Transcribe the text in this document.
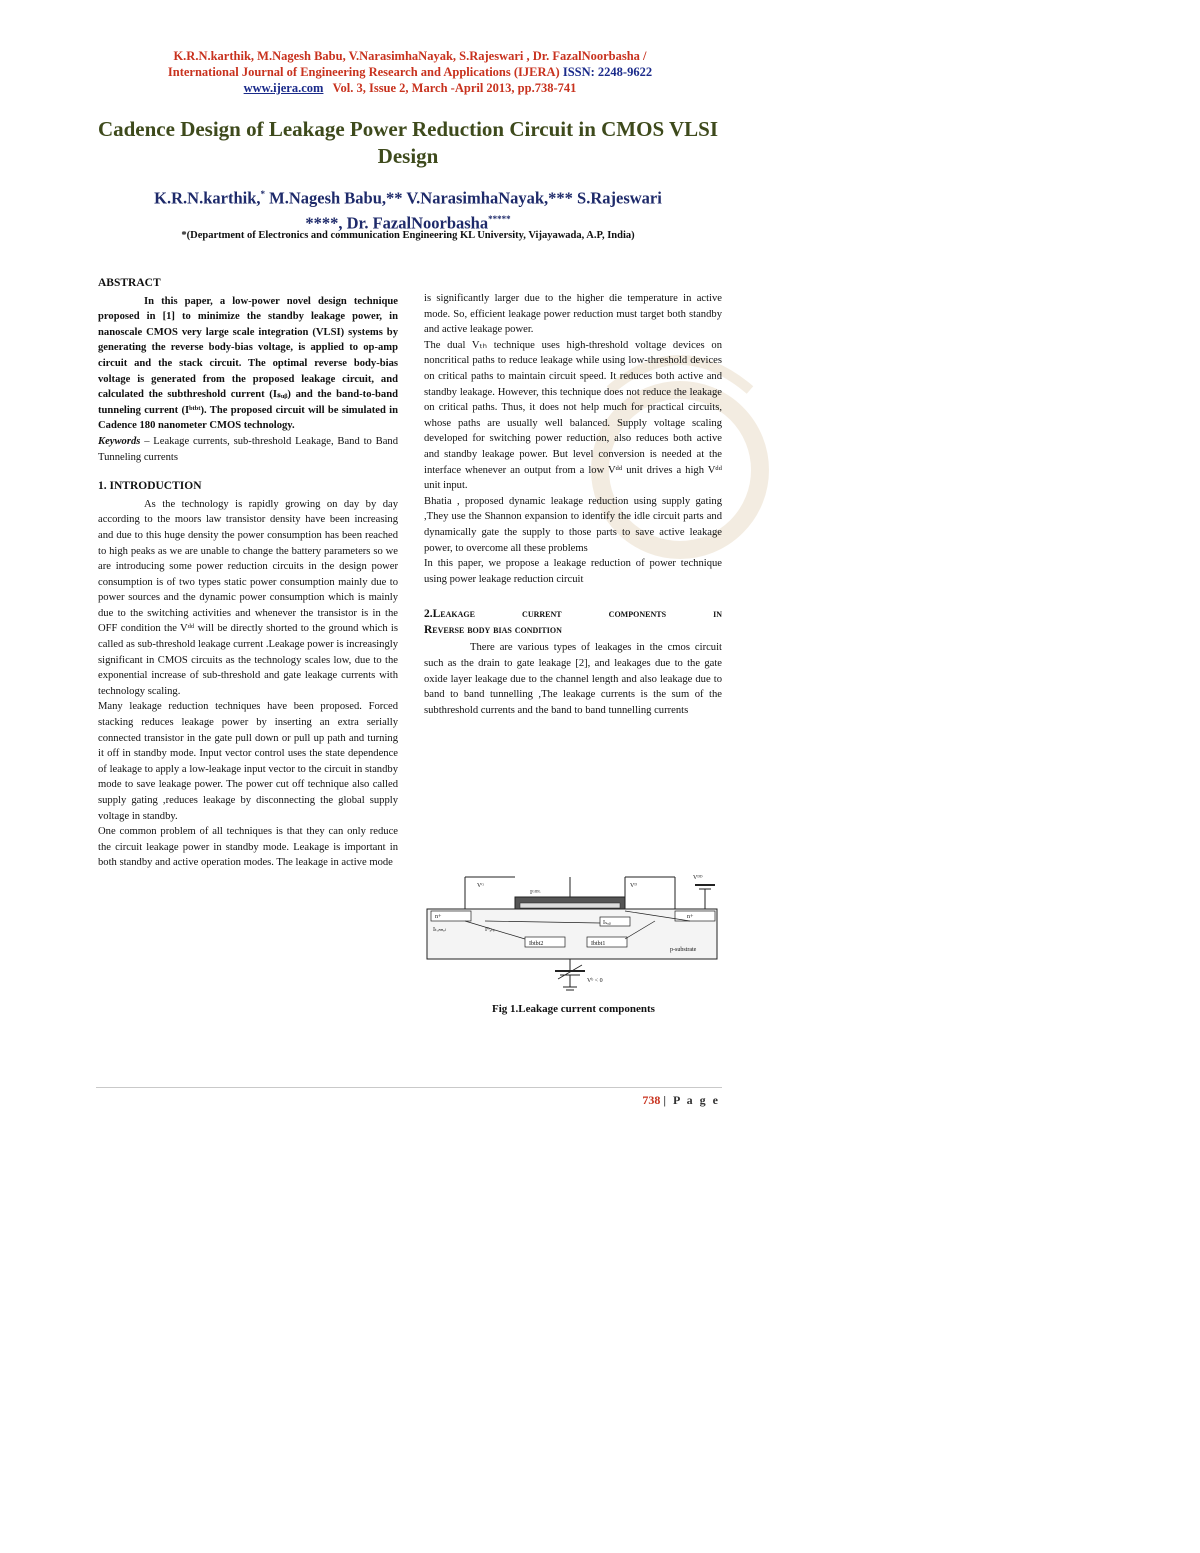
K.R.N.karthik, M.Nagesh Babu, V.NarasimhaNayak, S.Rajeswari , Dr. FazalNoorbasha /
International Journal of Engineering Research and Applications (IJERA) ISSN: 2248-9622
www.ijera.com Vol. 3, Issue 2, March -April 2013, pp.738-741
Cadence Design of Leakage Power Reduction Circuit in CMOS VLSI Design
K.R.N.karthik,* M.Nagesh Babu,** V.NarasimhaNayak,*** S.Rajeswari
****, Dr. FazalNoorbasha*****
*(Department of Electronics and communication Engineering KL University, Vijayawada, A.P, India)
ABSTRACT

In this paper, a low-power novel design technique proposed in [1] to minimize the standby leakage power, in nanoscale CMOS very large scale integration (VLSI) systems by generating the reverse body-bias voltage, is applied to op-amp circuit and the stack circuit. The optimal reverse body-bias voltage is generated from the proposed leakage circuit, and calculated the subthreshold current (Iₛᵤᵦ) and the band-to-band tunneling current (Iᵇᵗᵇᵗ). The proposed circuit will be simulated in Cadence 180 nanometer CMOS technology.

Keywords – Leakage currents, sub-threshold Leakage, Band to Band Tunneling currents

1. INTRODUCTION

As the technology is rapidly growing on day by day according to the moors law transistor density have been increasing and due to this huge density the power consumption has been reached to high peaks as we are unable to change the battery parameters so we are introducing some power reduction circuits in the design power consumption is of two types static power consumption mainly due to power sources and the dynamic power consumption which is mainly due to the switching activities and whenever the transistor is in the OFF condition the Vᵈᵈ will be directly shorted to the ground which is called as sub-threshold leakage current .Leakage power is increasingly significant in CMOS circuits as the technology scales low, due to the exponential increase of sub-threshold and gate leakage currents with technology scaling.

Many leakage reduction techniques have been proposed. Forced stacking reduces leakage power by inserting an extra serially connected transistor in the gate pull down or pull up path and turning it off in standby mode. Input vector control uses the state dependence of leakage to apply a low-leakage input vector to the circuit in standby mode to save leakage power. The power cut off technique also called supply gating ,reduces leakage by disconnecting the global supply voltage in standby.

One common problem of all techniques is that they can only reduce the circuit leakage power in standby mode. Leakage is important in both standby and active operation modes. The leakage in active mode

is significantly larger due to the higher die temperature in active mode. So, efficient leakage power reduction must target both standby and active leakage power.

The dual Vₜₕ technique uses high-threshold voltage devices on noncritical paths to reduce leakage while using low-threshold devices on critical paths to maintain circuit speed. It reduces both active and standby leakage. However, this technique does not reduce the leakage on critical paths. Thus, it does not help much for practical circuits, whose paths are usually well balanced. Supply voltage scaling developed for switching power reduction, also reduces both active and standby leakage power. But level conversion is needed at the interface whenever an output from a low Vᵈᵈ unit drives a high Vᵈᵈ unit input.

Bhatia , proposed dynamic leakage reduction using supply gating ,They use the Shannon expansion to identify the idle circuit parts and dynamically gate the supply to those parts to save active leakage power, to overcome all these problems

In this paper, we propose a leakage reduction of power technique using power leakage reduction circuit

2.Leakage current components in
Reverse body bias condition

There are various types of leakages in the cmos circuit such as the drain to gate leakage [2], and leakages due to the gate oxide layer leakage due to the channel length and also leakage due to band to band tunnelling ,The leakage currents is the sum of the subthreshold currents and the band to band tunnelling currents

Vᴳ
Iᴳᴵᴰᴸ
Vᴰ
Vᴰᴰ
n+	n+
Iₛᵤᵦ
Iᴳₐₜₑ
Ibtbt2	Ibtbt1
p-substrate
Vᵇ < 0
Iₜₒₙₙₑₗ
Fig 1.Leakage current components
738 | P a g e
